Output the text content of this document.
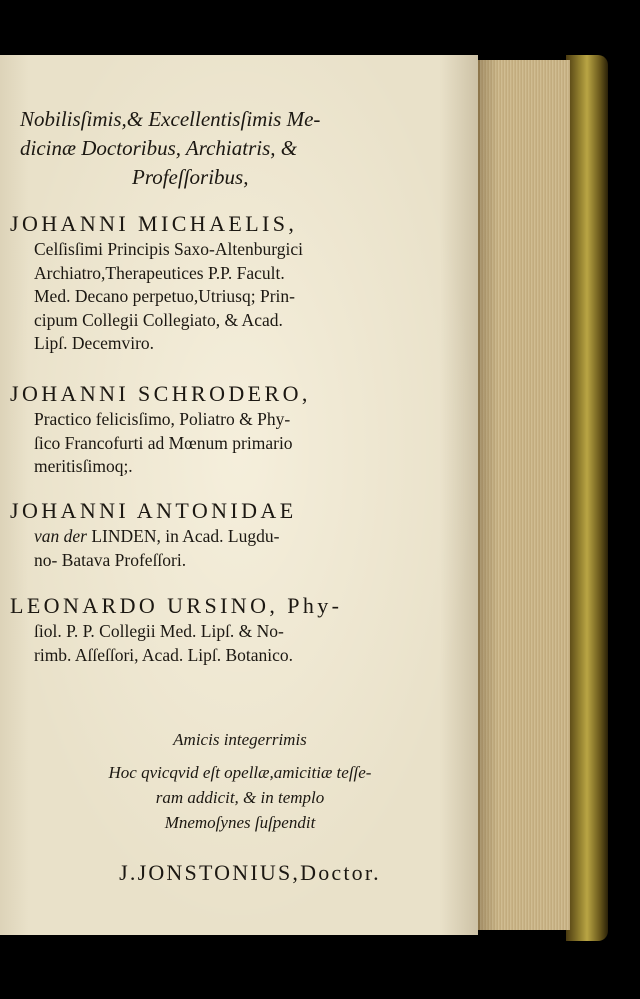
Nobilisſimis,& Excellentisſimis Me-
dicinæ Doctoribus, Archiatris, &
Profeſſoribus,
JOHANNI MICHAELIS,
Celſisſimi Principis Saxo-Altenburgici
Archiatro,Therapeutices P.P. Facult.
Med. Decano perpetuo,Utriusq; Prin-
cipum Collegii Collegiato, & Acad.
Lipſ. Decemviro.
JOHANNI SCHRODERO,
Practico felicisſimo, Poliatro & Phy-
ſico Francofurti ad Mœnum primario
meritisſimoq;.
JOHANNI ANTONIDAE
van der LINDEN, in Acad. Lugdu-
no- Batava Profeſſori.
LEONARDO URSINO, Phy-
ſiol. P. P. Collegii Med. Lipſ. & No-
rimb. Aſſeſſori, Acad. Lipſ. Botanico.
Amicis integerrimis
Hoc qvicqvid eſt opellæ,amicitiæ teſſe-
ram addicit, & in templo
Mnemoſynes ſuſpendit
J.JONSTONIUS,Doctor.
